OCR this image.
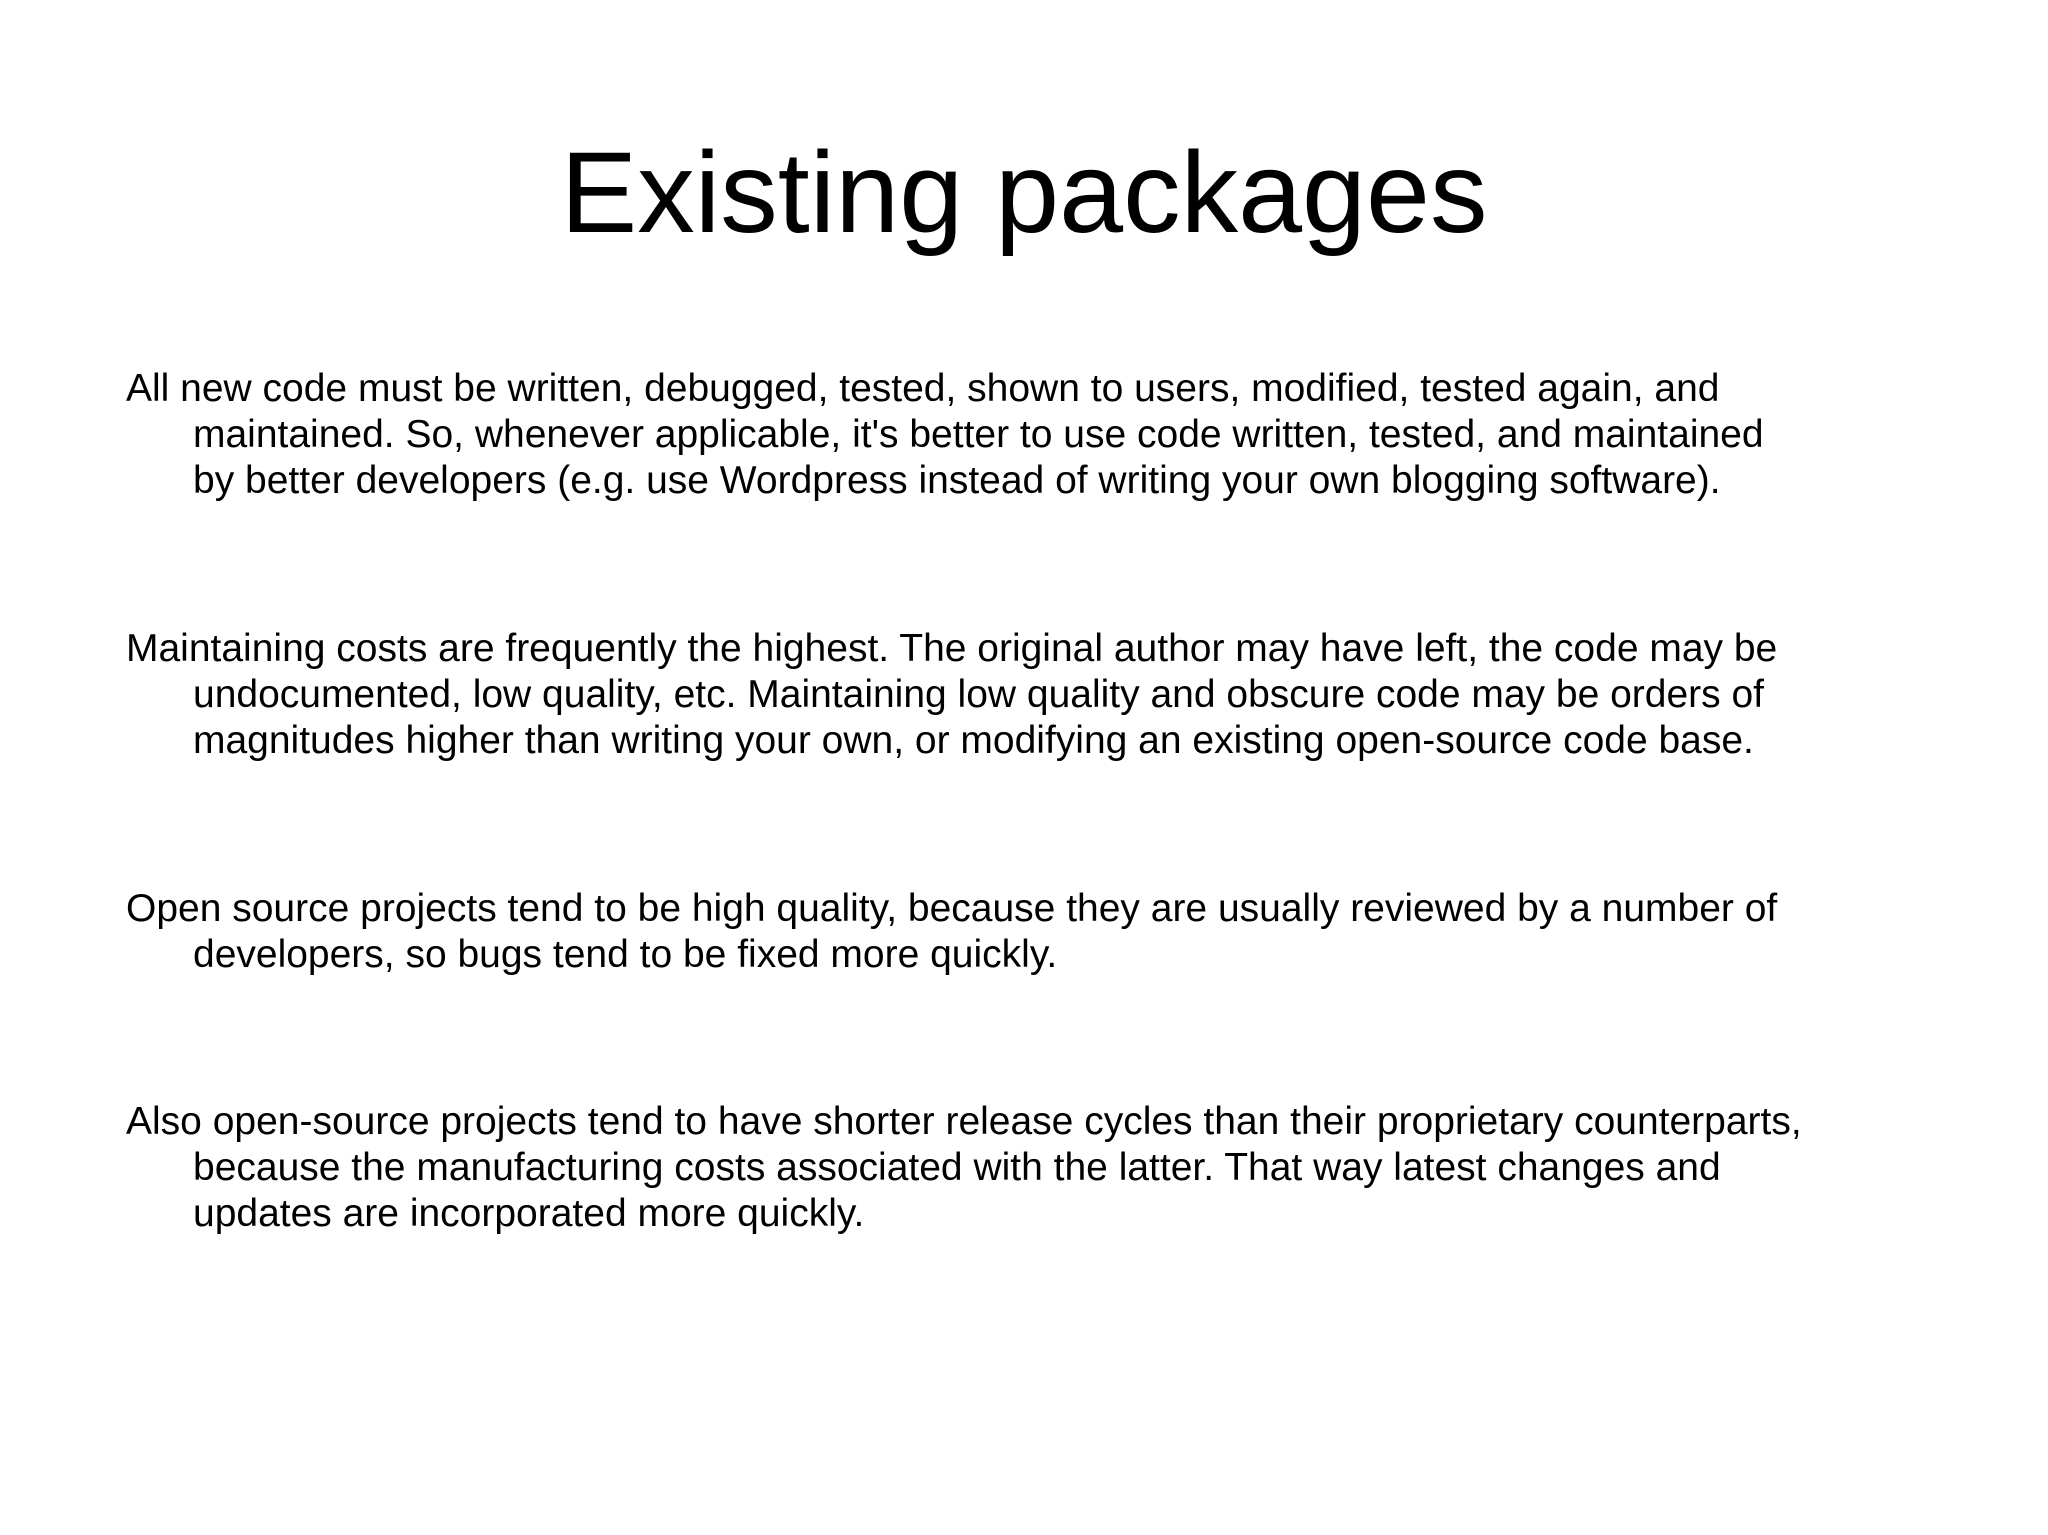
Existing packages

All new code must be written, debugged, tested, shown to users, modified, tested again, and
maintained. So, whenever applicable, it's better to use code written, tested, and maintained
by better developers (e.g. use Wordpress instead of writing your own blogging software).

Maintaining costs are frequently the highest. The original author may have left, the code may be
undocumented, low quality, etc. Maintaining low quality and obscure code may be orders of
magnitudes higher than writing your own, or modifying an existing open-source code base.

Open source projects tend to be high quality, because they are usually reviewed by a number of
developers, so bugs tend to be fixed more quickly.

Also open-source projects tend to have shorter release cycles than their proprietary counterparts,
because the manufacturing costs associated with the latter. That way latest changes and
updates are incorporated more quickly.
